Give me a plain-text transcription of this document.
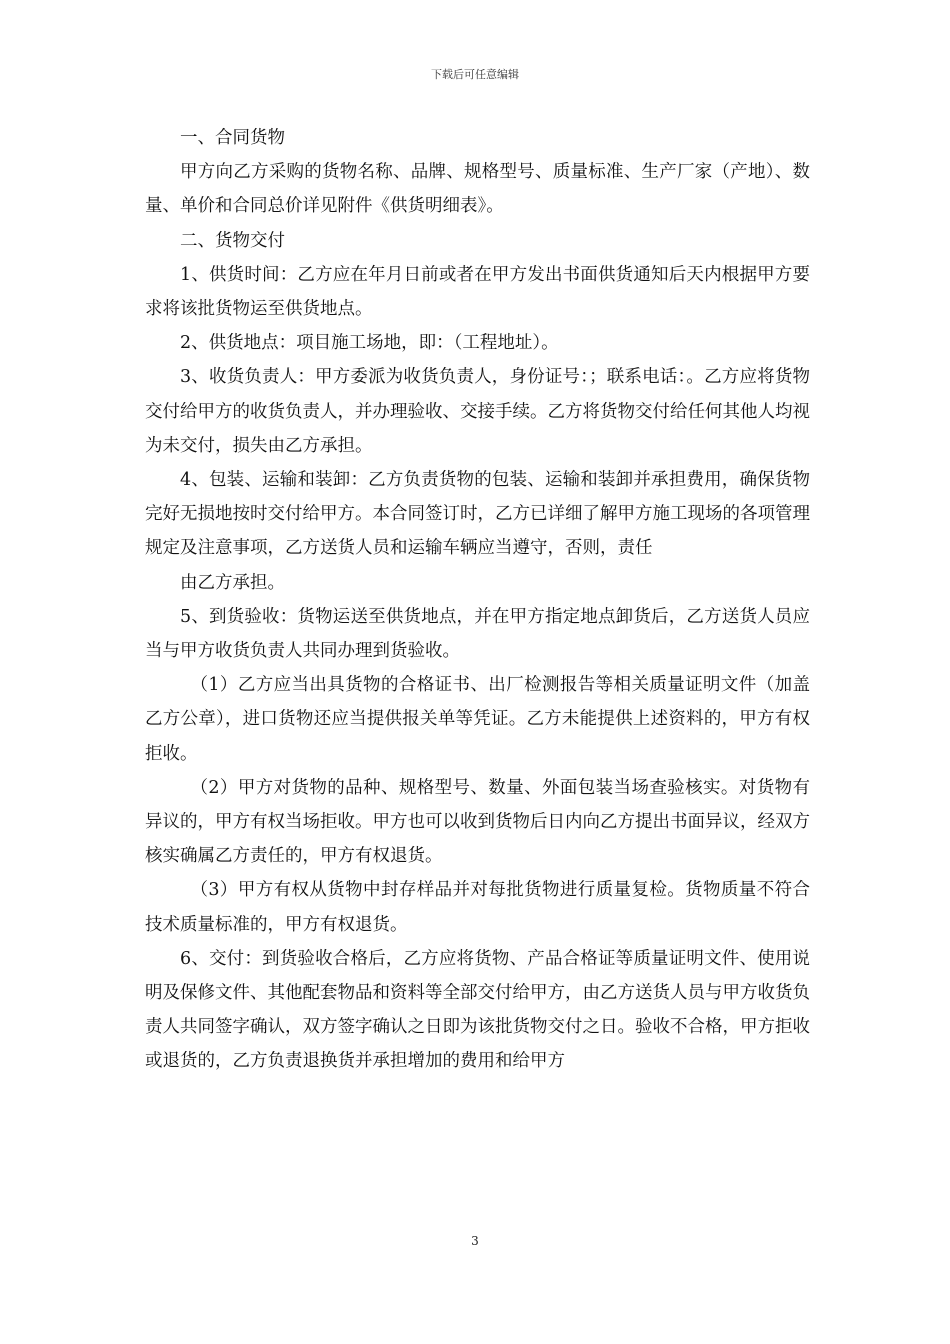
下载后可任意编辑

一、合同货物

甲方向乙方采购的货物名称、品牌、规格型号、质量标准、生产厂家（产地）、数量、单价和合同总价详见附件《供货明细表》。

二、货物交付

1、供货时间：乙方应在年月日前或者在甲方发出书面供货通知后天内根据甲方要求将该批货物运至供货地点。

2、供货地点：项目施工场地，即：（工程地址）。

3、收货负责人：甲方委派为收货负责人，身份证号：；联系电话：。乙方应将货物交付给甲方的收货负责人，并办理验收、交接手续。乙方将货物交付给任何其他人均视为未交付，损失由乙方承担。

4、包装、运输和装卸：乙方负责货物的包装、运输和装卸并承担费用，确保货物完好无损地按时交付给甲方。本合同签订时，乙方已详细了解甲方施工现场的各项管理规定及注意事项，乙方送货人员和运输车辆应当遵守，否则，责任

由乙方承担。

5、到货验收：货物运送至供货地点，并在甲方指定地点卸货后，乙方送货人员应当与甲方收货负责人共同办理到货验收。

（1）乙方应当出具货物的合格证书、出厂检测报告等相关质量证明文件（加盖乙方公章），进口货物还应当提供报关单等凭证。乙方未能提供上述资料的，甲方有权拒收。

（2）甲方对货物的品种、规格型号、数量、外面包装当场查验核实。对货物有异议的，甲方有权当场拒收。甲方也可以收到货物后日内向乙方提出书面异议，经双方核实确属乙方责任的，甲方有权退货。

（3）甲方有权从货物中封存样品并对每批货物进行质量复检。货物质量不符合技术质量标准的，甲方有权退货。

6、交付：到货验收合格后，乙方应将货物、产品合格证等质量证明文件、使用说明及保修文件、其他配套物品和资料等全部交付给甲方，由乙方送货人员与甲方收货负责人共同签字确认，双方签字确认之日即为该批货物交付之日。验收不合格，甲方拒收或退货的，乙方负责退换货并承担增加的费用和给甲方

3
